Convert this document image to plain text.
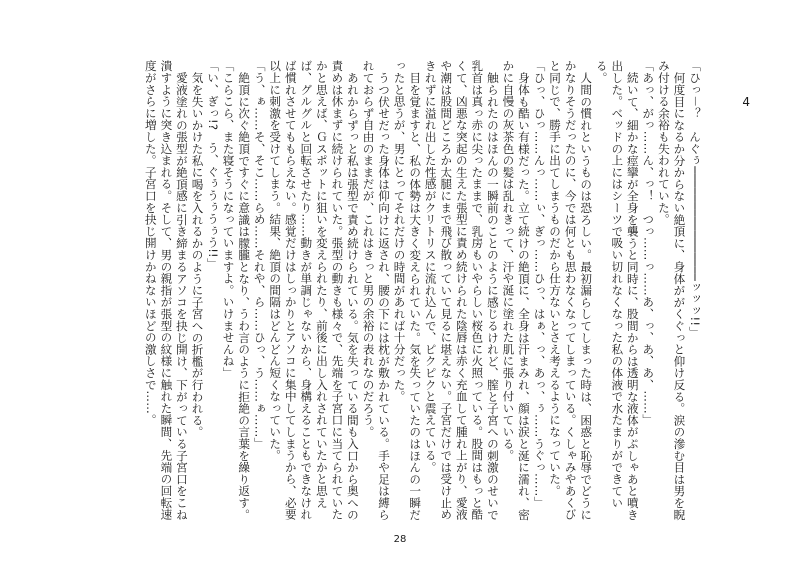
4

「ひっ－？　んぐぅ────────────────ッッッ!!」

何度目になるか分からない絶頂に、身体ががくぐっと仰け反る。涙の滲む目は男を睨み付ける余裕も失われていた。

「あっ、がっ……ん、っ！　つっ……っ……あ、っ、あ、あ、……」

続いて、細かな痙攣が全身を襲うと同時に、股間からは透明な液体がぷしゃあと噴き出した。ベッドの上にはシーツで吸い切れなくなった私の体液で水たまりができている。

人間の慣れというものは恐ろしい。最初漏らしてしまった時は、困惑と恥辱でどうにかなりそうだったのに、今では何とも思わなくなってしまっている。くしゃみやあくびと同じで、勝手に出てしまうものだから仕方ないとさえ考えるようになっていた。

「ひっ、ひっ……んっ……ぃ、ぎっ……ひっ、はぁ、っ、あっ、ぅ……うぐっ……」

身体も酷い有様だった。立て続けの絶頂に、全身は汗まみれ、顔は涙と涎に濡れ、密かに自慢の灰茶色の髪は乱れきって、汗や涎に塗れた肌に張り付いている。

触られたのはほんの一瞬前のことのように感じるけれど、膣と子宮への刺激のせいで乳首は真っ赤に尖ったままで、乳房もいやらしい桜色に火照っている。股間はもっと酷くて、凶悪な突起の生えた張型に責め続けられた陰唇は赤く充血して腫れ上がり、愛液や潮は股間どころか太腿にまで飛び散っていて見るに堪えない。子宮だけでは受け止めきれずに溢れ出した性感がクリトリスに流れ込んで、ピクピクと震えている。

目を覚ますと、私の体勢は大きく変えられていた。気を失っていたのはほんの一瞬だったと思うが、男にとってそれだけの時間があれば十分だった。

うつ伏せだった身体は仰向けに返され、腰の下には枕が敷かれている。手や足は縛られておらず自由のままだが、これはきっと男の余裕の表れなのだろう。

あれからずっと私は張型で責め続けられている。気を失っている間も入口から奥への責めは休まずに続けられていた。張型の動きも様々で、先端を子宮口に当てられていたかと思えば、Ｇスポットに狙いを変えられたり、前後に出し入れされていたかと思えば、グルグルと回転させたり……動きが単調じゃないから、身構えることもできなければ慣れさせてももらえない。感覚だけはしっかりとアソコに集中してしまうから、必要以上に刺激を受けてしまう。結果、絶頂の間隔はどんどん短くなっていた。

「う、ぁ……そ、そこ……らめ……それや、ら……ひっ、う……ぁ……」

絶頂に次ぐ絶頂ですぐに意識は朦朧となり、うわ言のように拒絶の言葉を繰り返す。

「こらこら、また寝そうになっていますよ。いけませんね」

「い、ぎっ!?　う、ぐぅうぅうぅう!!」

気を失いかけた私に喝を入れるかのように子宮への折檻が行われる。

愛液塗れの張型が絶頂感に引き締まるアソコを抉じ開け、下がっている子宮口をこね潰すように突き込まれる。そして、男の親指が張型の紋様に触れた瞬間、先端の回転速度がさらに増した。子宮口を抉じ開けかねないほどの激しさで……。

28
